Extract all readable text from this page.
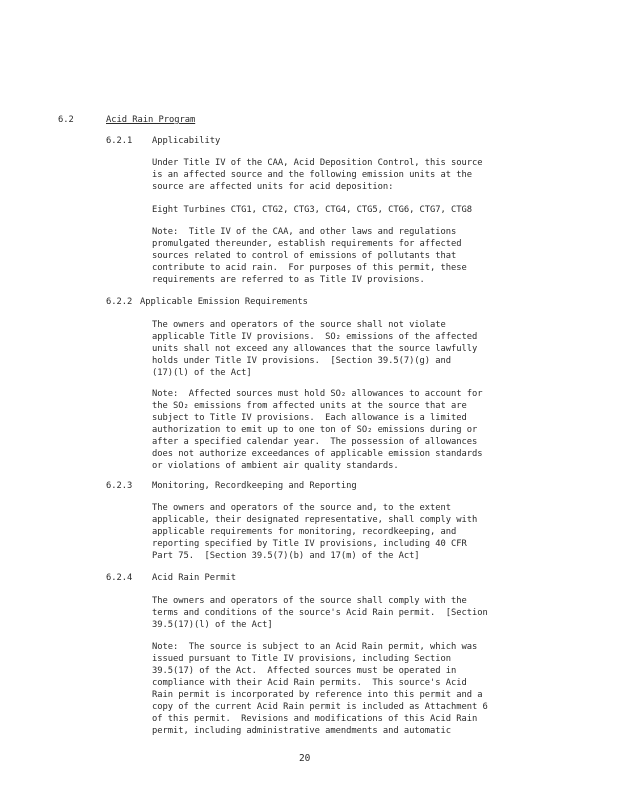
6.2	Acid Rain Program
6.2.1 Applicability
Under Title IV of the CAA, Acid Deposition Control, this source
is an affected source and the following emission units at the
source are affected units for acid deposition:
Eight Turbines CTG1, CTG2, CTG3, CTG4, CTG5, CTG6, CTG7, CTG8
Note:  Title IV of the CAA, and other laws and regulations
promulgated thereunder, establish requirements for affected
sources related to control of emissions of pollutants that
contribute to acid rain.  For purposes of this permit, these
requirements are referred to as Title IV provisions.
6.2.2 Applicable Emission Requirements
The owners and operators of the source shall not violate
applicable Title IV provisions.  SO₂ emissions of the affected
units shall not exceed any allowances that the source lawfully
holds under Title IV provisions.  [Section 39.5(7)(g) and
(17)(l) of the Act]
Note:  Affected sources must hold SO₂ allowances to account for
the SO₂ emissions from affected units at the source that are
subject to Title IV provisions.  Each allowance is a limited
authorization to emit up to one ton of SO₂ emissions during or
after a specified calendar year.  The possession of allowances
does not authorize exceedances of applicable emission standards
or violations of ambient air quality standards.
6.2.3 Monitoring, Recordkeeping and Reporting
The owners and operators of the source and, to the extent
applicable, their designated representative, shall comply with
applicable requirements for monitoring, recordkeeping, and
reporting specified by Title IV provisions, including 40 CFR
Part 75.  [Section 39.5(7)(b) and 17(m) of the Act]
6.2.4 Acid Rain Permit
The owners and operators of the source shall comply with the
terms and conditions of the source's Acid Rain permit.  [Section
39.5(17)(l) of the Act]
Note:  The source is subject to an Acid Rain permit, which was
issued pursuant to Title IV provisions, including Section
39.5(17) of the Act.  Affected sources must be operated in
compliance with their Acid Rain permits.  This source's Acid
Rain permit is incorporated by reference into this permit and a
copy of the current Acid Rain permit is included as Attachment 6
of this permit.  Revisions and modifications of this Acid Rain
permit, including administrative amendments and automatic
20
